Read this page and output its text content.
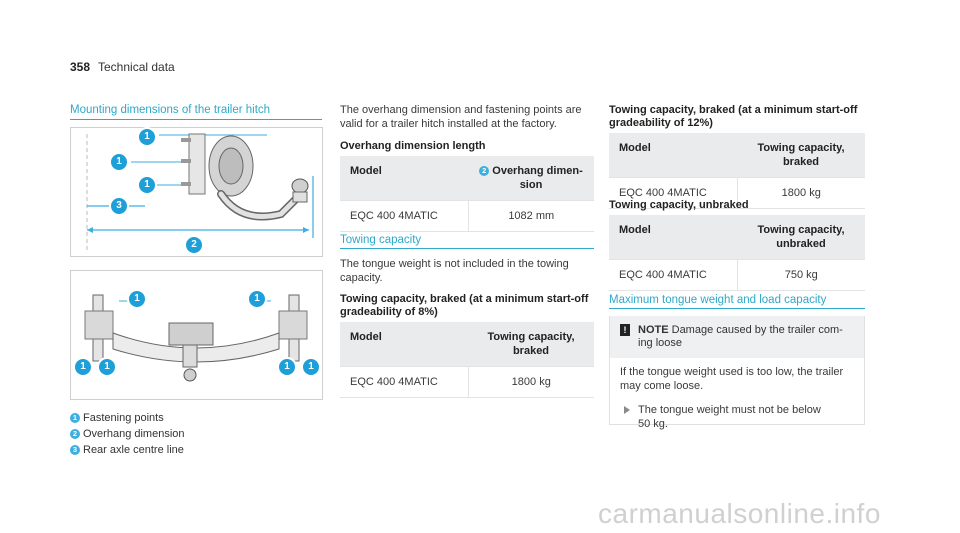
358 Technical data
Mounting dimensions of the trailer hitch
1
1
1
3
2
1	1
1	1	1	1
1 Fastening points
2 Overhang dimension
3 Rear axle centre line
The overhang dimension and fastening points are
valid for a trailer hitch installed at the factory.
Overhang dimension length
Model	2 Overhang dimen-
sion
EQC 400 4MATIC	1082 mm
Towing capacity
The tongue weight is not included in the towing
capacity.
Towing capacity, braked (at a minimum start-off
gradeability of 8%)
Model	Towing capacity,
braked
EQC 400 4MATIC	1800 kg
Towing capacity, braked (at a minimum start-off
gradeability of 12%)
Model	Towing capacity,
braked
EQC 400 4MATIC	1800 kg
Towing capacity, unbraked
Model	Towing capacity,
unbraked
EQC 400 4MATIC	750 kg
Maximum tongue weight and load capacity
! NOTE Damage caused by the trailer com-
ing loose
If the tongue weight used is too low, the trailer
may come loose.
The tongue weight must not be below
50 kg.
carmanualsonline.info
